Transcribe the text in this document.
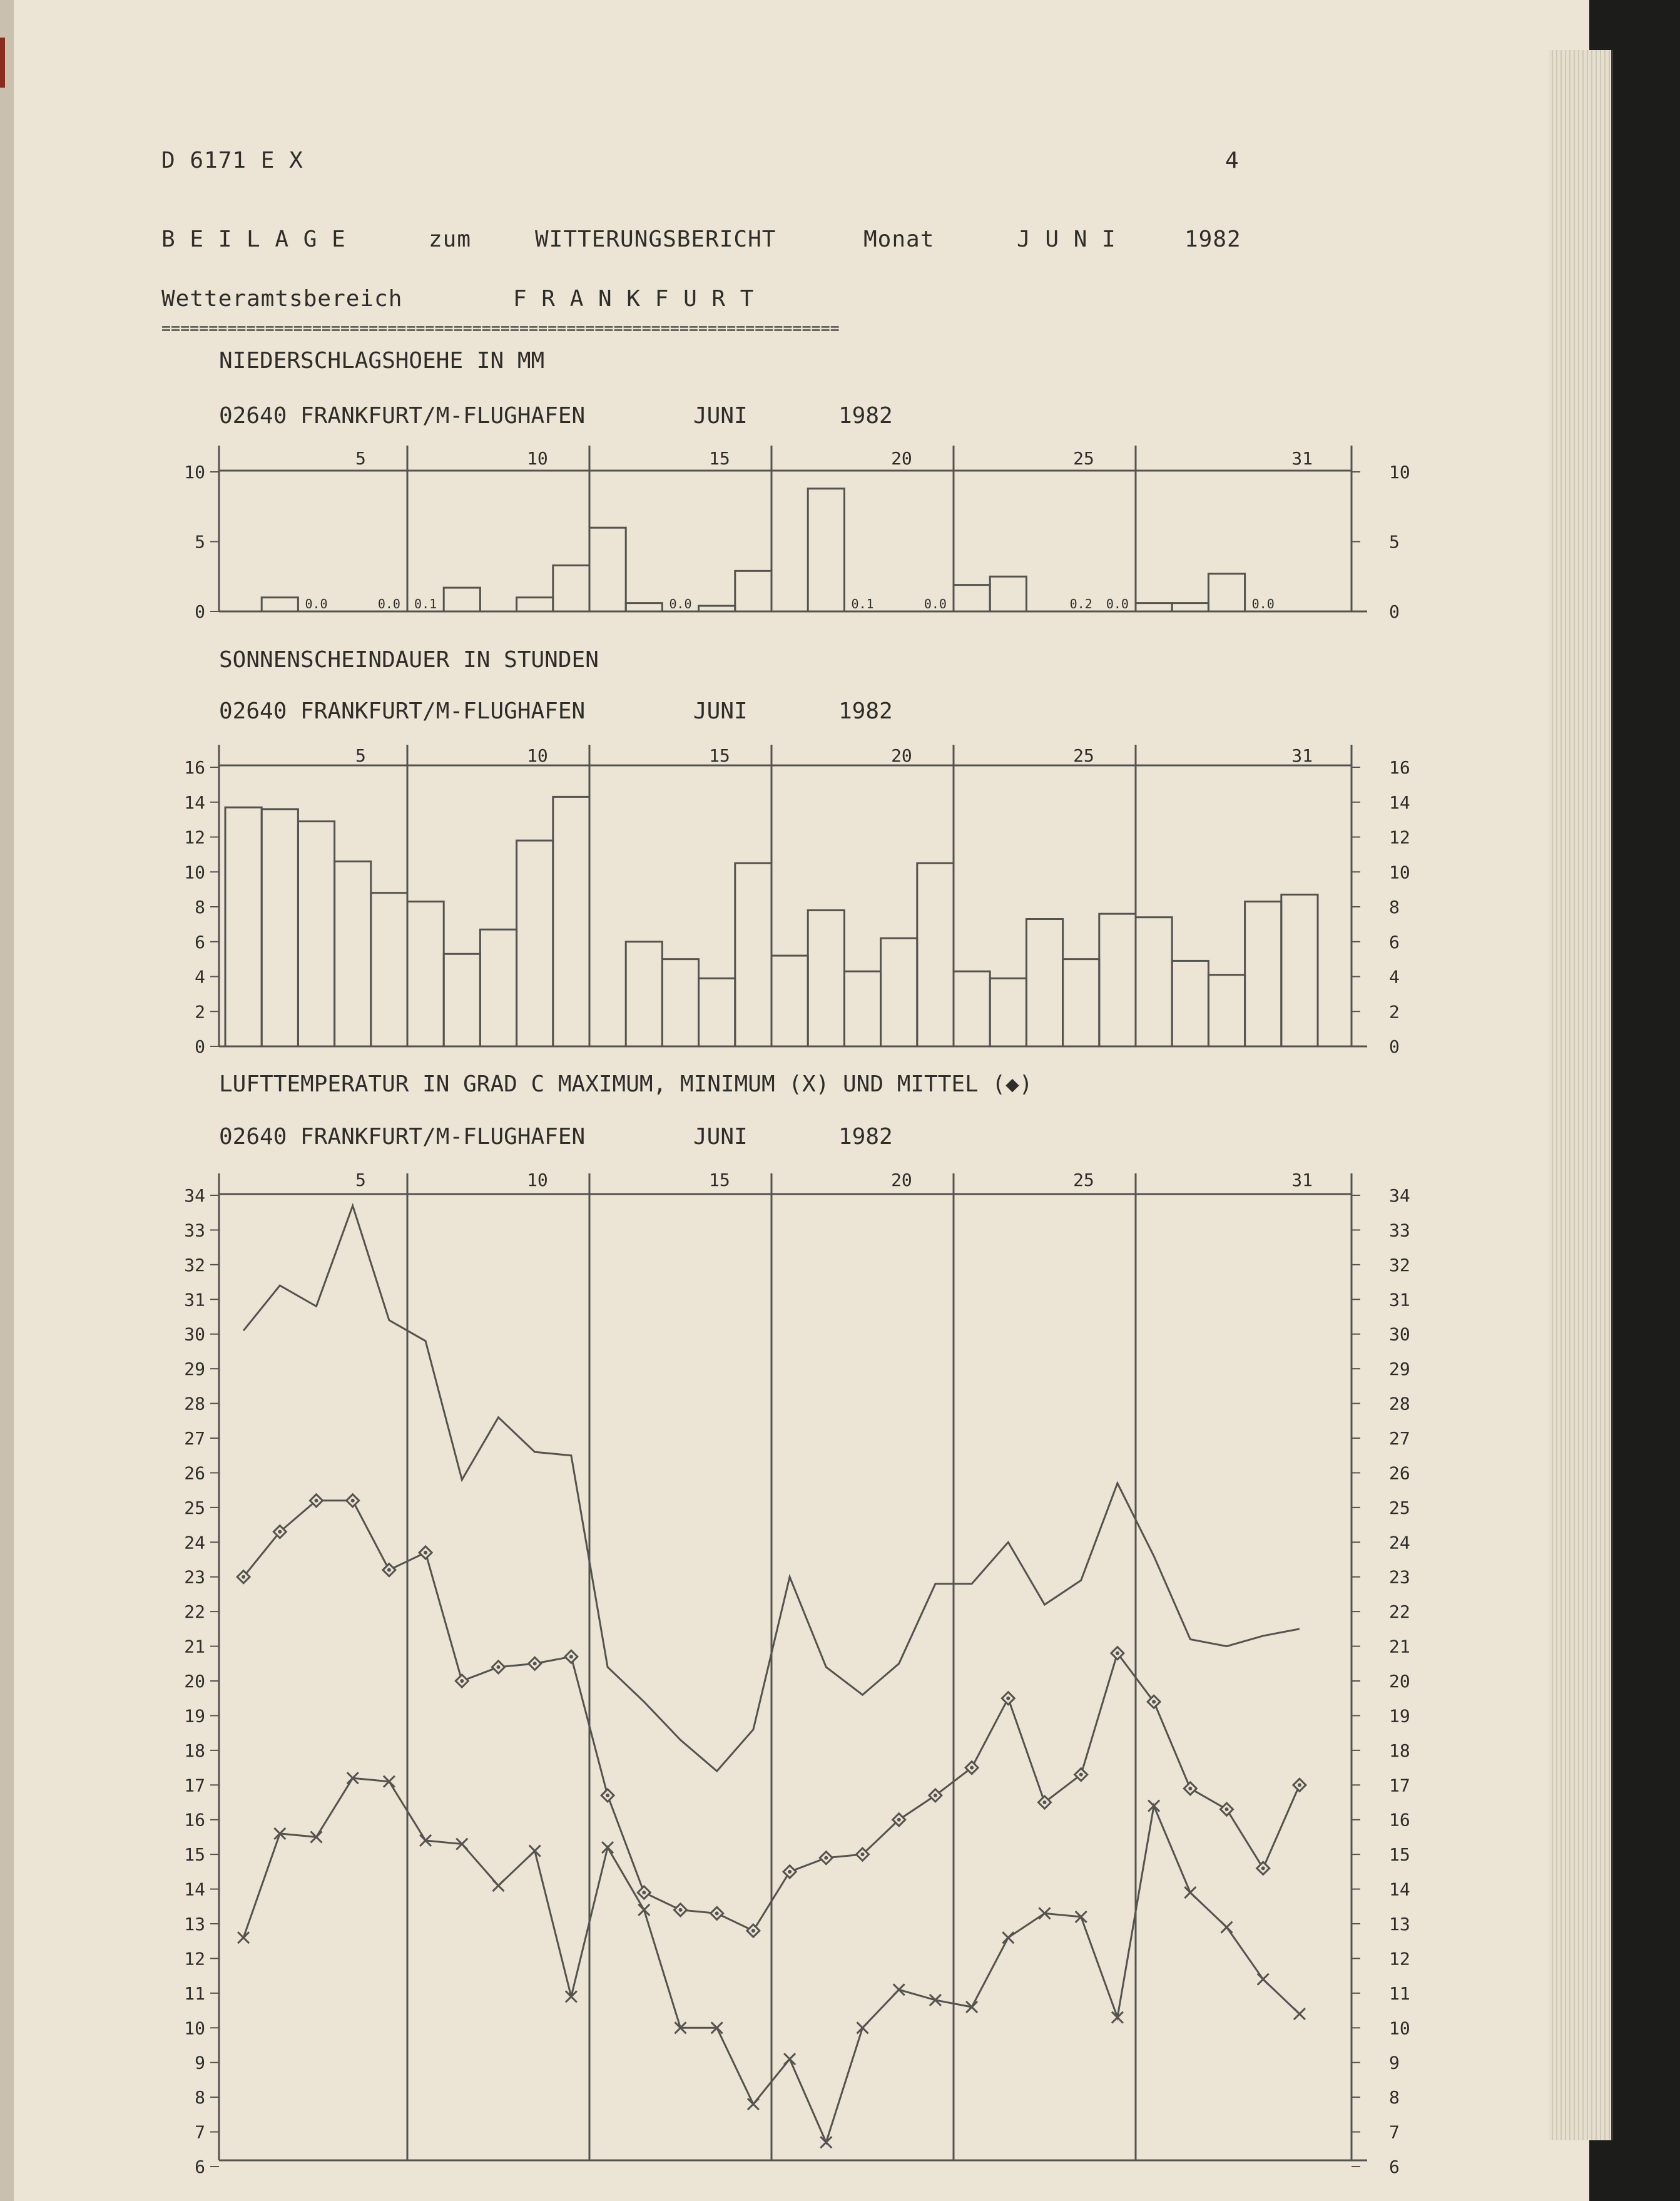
D 6171 E X	4
B E I L A G E	zum	WITTERUNGSBERICHT	Monat	J U N I	1982
Wetteramtsbereich	F R A N K F U R T
========================================================================
NIEDERSCHLAGSHOEHE IN MM
02640 FRANKFURT/M-FLUGHAFEN	JUNI	1982
5	10	15	20	25	31
0	0
5	5
10	10
0.0	0.0 0.1	0.0	0.1	0.0	0.2 0.0	0.0
SONNENSCHEINDAUER IN STUNDEN
02640 FRANKFURT/M-FLUGHAFEN	JUNI	1982
5	10	15	20	25	31
0	0
2	2
4	4
6	6
8	8
10	10
12	12
14	14
16	16
LUFTTEMPERATUR IN GRAD C MAXIMUM, MINIMUM (X) UND MITTEL (◆)
02640 FRANKFURT/M-FLUGHAFEN	JUNI	1982
5	10	15	20	25	31
6	6
7	7
8	8
9	9
10	10
11	11
12	12
13	13
14	14
15	15
16	16
17	17
18	18
19	19
20	20
21	21
22	22
23	23
24	24
25	25
26	26
27	27
28	28
29	29
30	30
31	31
32	32
33	33
34	34
